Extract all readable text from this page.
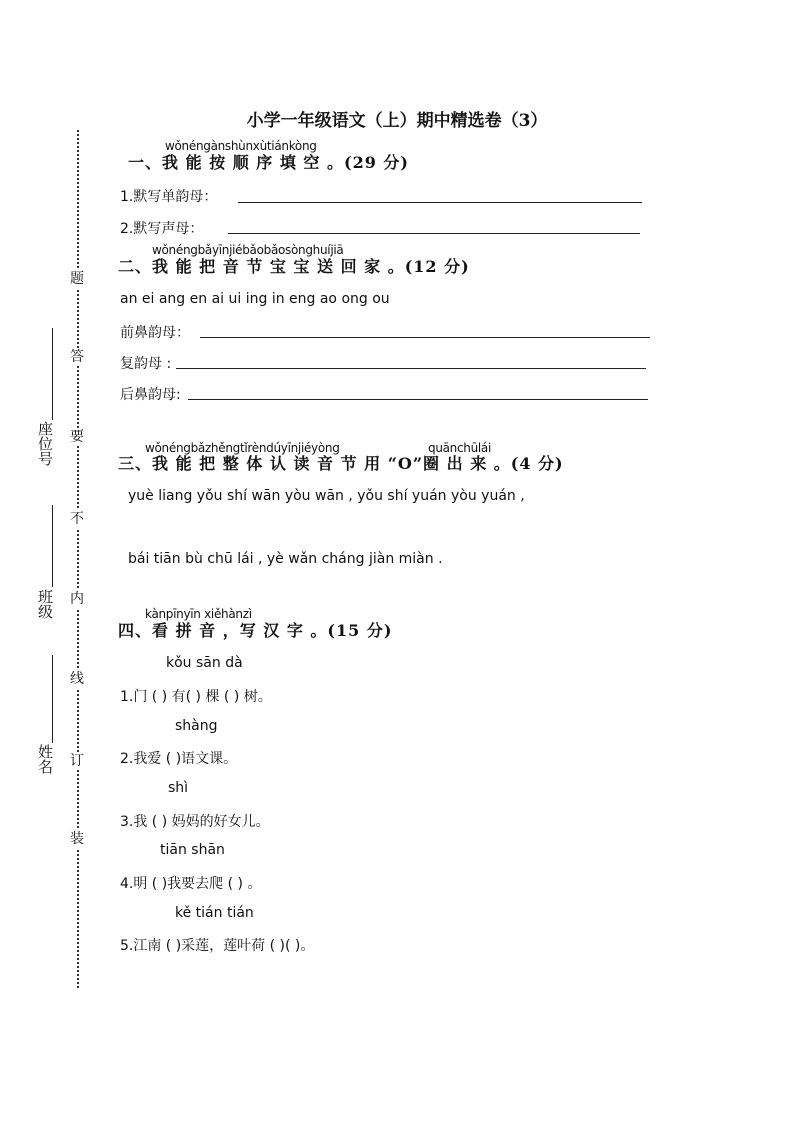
题
答
要
不
内
线
订
装
座位号
班级
姓名
小学一年级语文（上）期中精选卷（3）
wǒnéngànshùnxùtiánkòng
一、我 能 按 顺 序 填 空 。(29 分)
1.默写单韵母：
2.默写声母：
wǒnéngbǎyīnjiébǎobǎosònghuíjiā
二、我 能 把 音 节 宝 宝 送 回 家 。(12 分)
an ei ang en ai ui ing in eng ao ong ou
前鼻韵母：
复韵母 :
后鼻韵母:
wǒnéngbǎzhěngtǐrèndúyīnjiéyòng	quānchūlái
三、我 能 把 整 体 认 读 音 节 用 “O”圈 出 来 。(4 分)
yuè liang yǒu shí wān yòu wān , yǒu shí yuán yòu yuán ,
bái tiān bù chū lái , yè wǎn cháng jiàn miàn .
kànpīnyīn xiěhànzì
四、看 拼 音 ，写 汉 字 。(15 分)
kǒu sān dà
1.门 ( ) 有( ) 棵 ( ) 树。
shàng
2.我爱 ( )语文课。
shì
3.我 ( ) 妈妈的好女儿。
tiān shān
4.明 ( )我要去爬 ( ) 。
kě tián tián
5.江南 ( )采莲，莲叶荷 ( )( )。
